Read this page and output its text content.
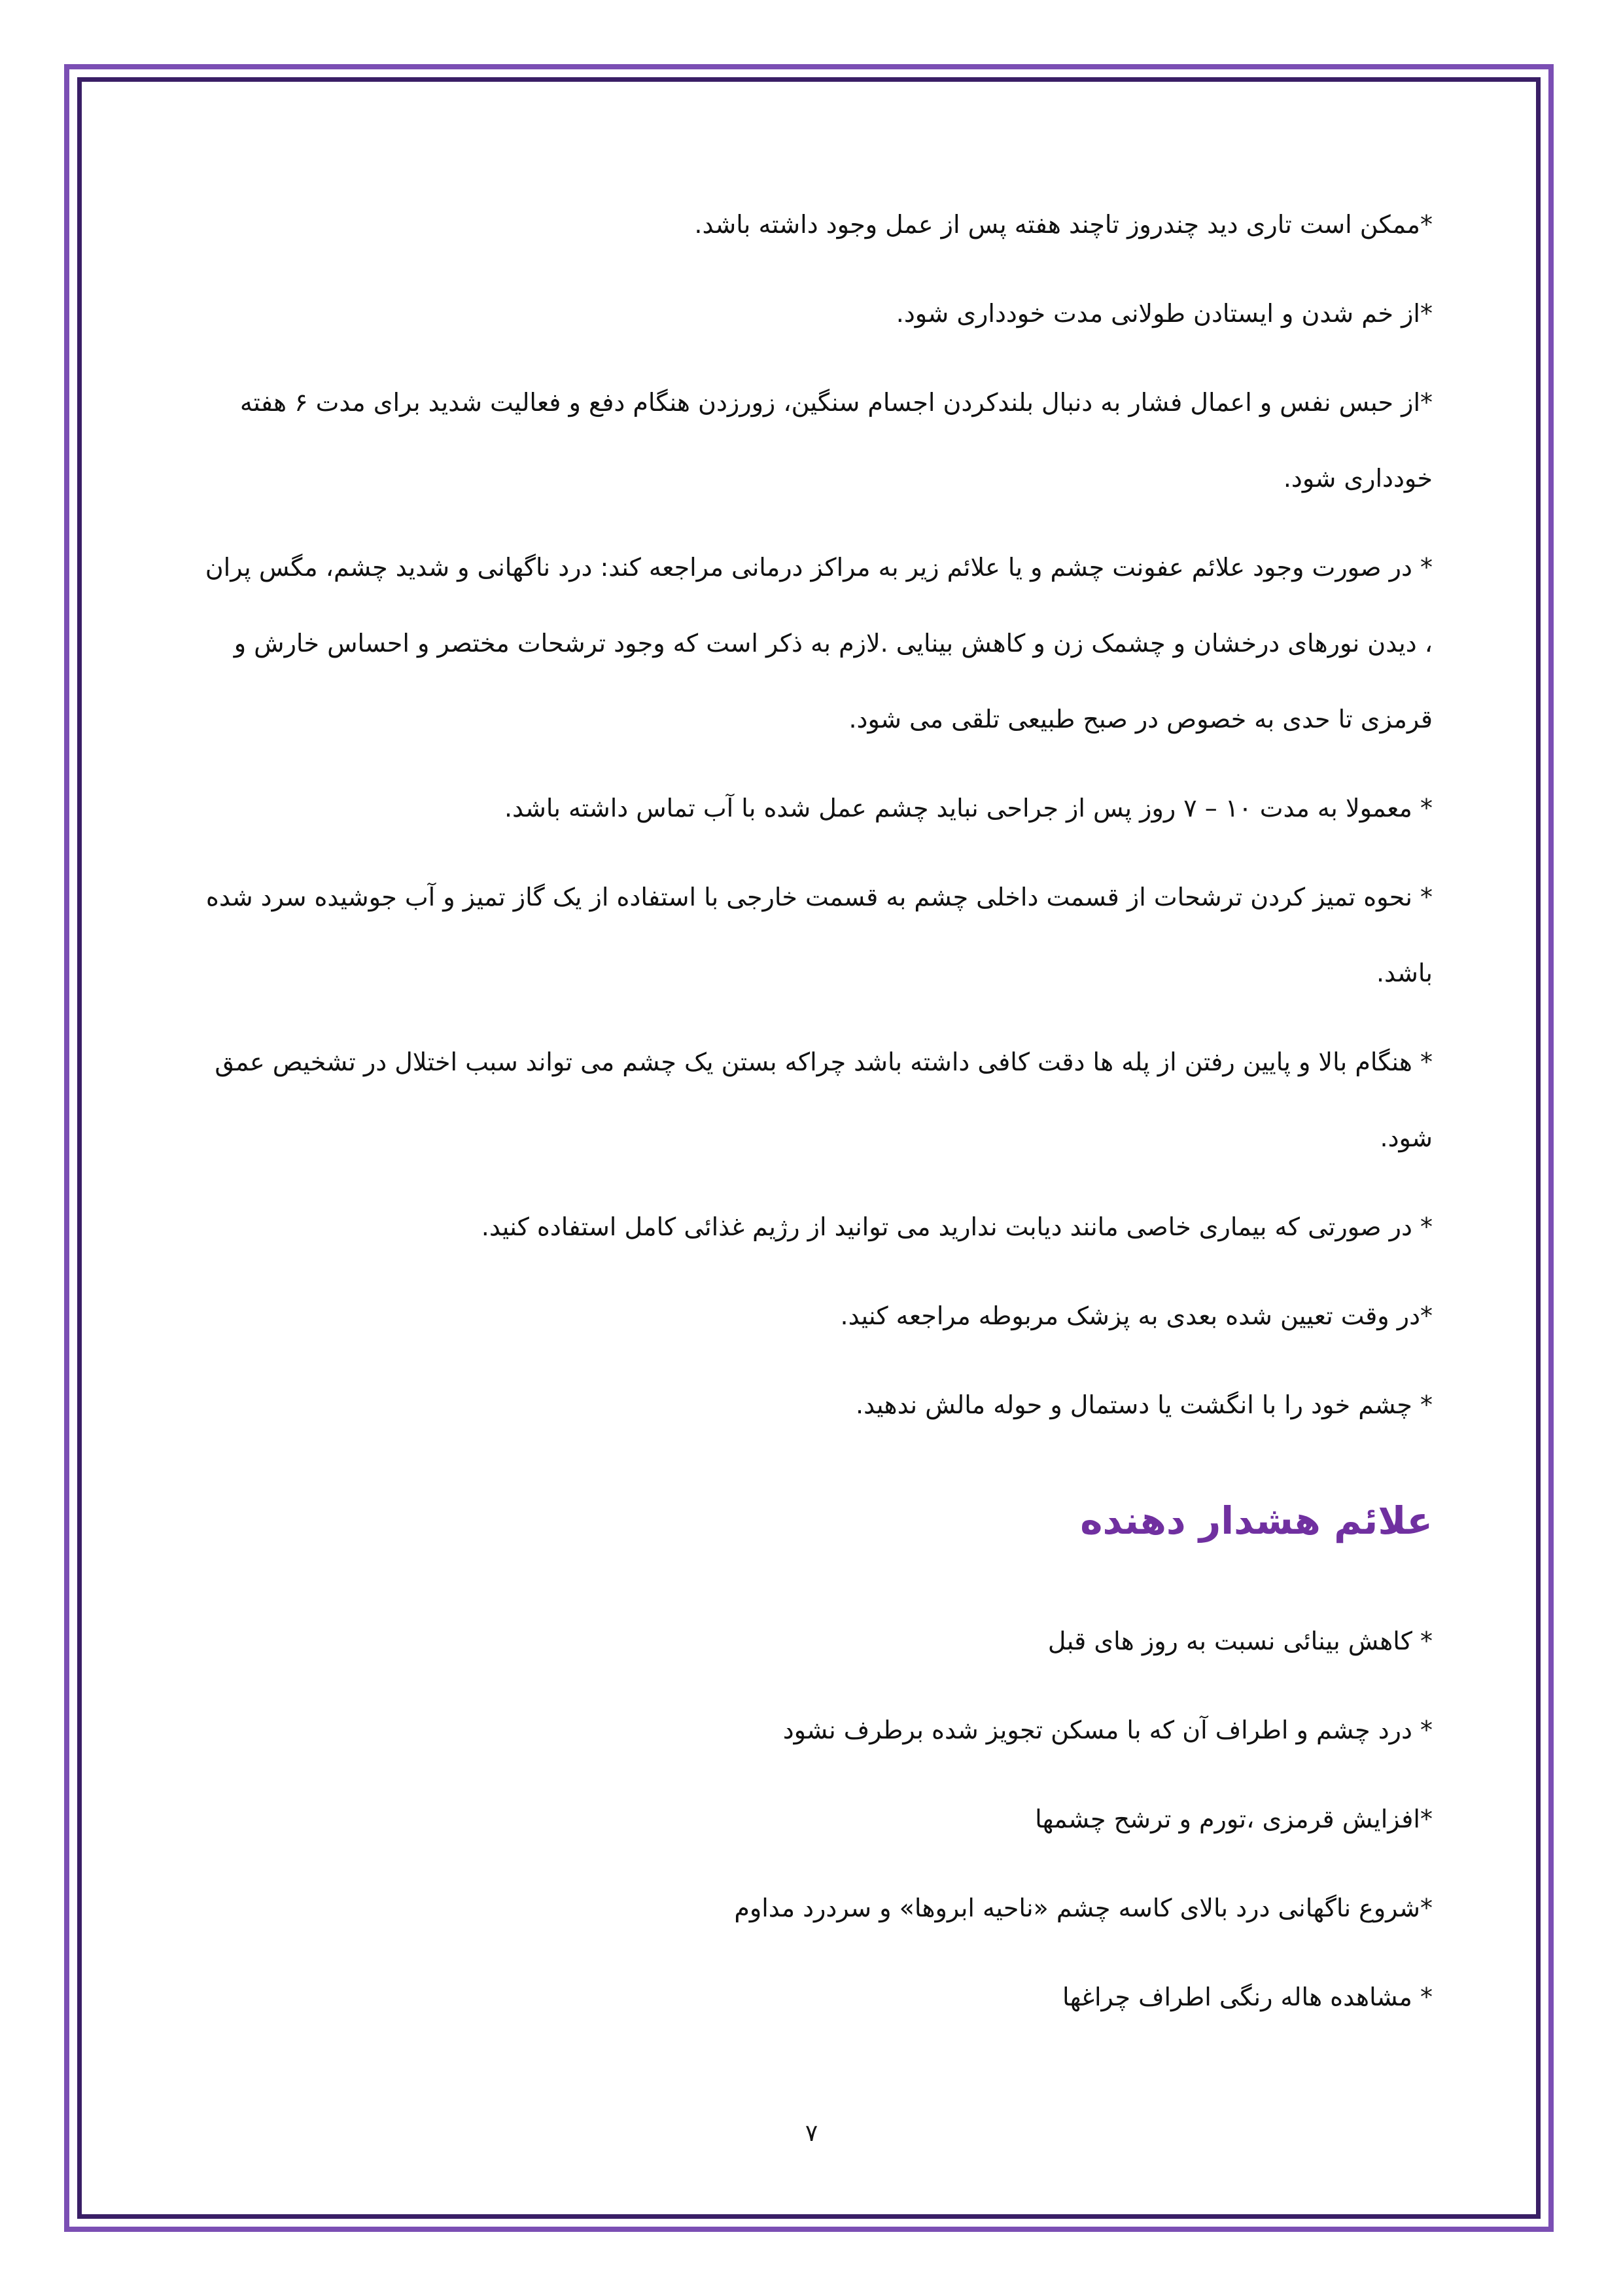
*ممکن است تاری دید چندروز تاچند هفته پس از عمل وجود داشته باشد.

*از خم شدن و ایستادن طولانی مدت خودداری شود.

*از حبس نفس و اعمال فشار به دنبال بلندکردن اجسام سنگین، زورزدن هنگام دفع و فعالیت شدید برای مدت ۶ هفته خودداری شود.

* در صورت وجود علائم عفونت چشم و یا علائم زیر به مراکز درمانی مراجعه کند: درد ناگهانی و شدید چشم، مگس پران ، دیدن نورهای درخشان و چشمک زن و کاهش بینایی .لازم به ذکر است که وجود ترشحات مختصر و احساس خارش و قرمزی تا حدی به خصوص در صبح طبیعی تلقی می شود.

* معمولا به مدت ۱۰ – ۷ روز پس از جراحی نباید چشم عمل شده با آب تماس داشته باشد.

* نحوه تمیز کردن ترشحات از قسمت داخلی چشم به قسمت خارجی با استفاده از یک گاز تمیز و آب جوشیده سرد شده باشد.

* هنگام بالا و پایین رفتن از پله ها دقت کافی داشته باشد چراکه بستن یک چشم می تواند سبب اختلال در تشخیص عمق شود.

* در صورتی که بیماری خاصی مانند دیابت ندارید می توانید از رژیم غذائی کامل استفاده کنید.

*در وقت تعیین شده بعدی به پزشک مربوطه مراجعه کنید.

* چشم خود را با انگشت یا دستمال و حوله مالش ندهید.

علائم هشدار دهنده

* کاهش بینائی نسبت به روز های قبل

* درد چشم و اطراف آن که با مسکن تجویز شده برطرف نشود

*افزایش قرمزی ،تورم و ترشح چشمها

*شروع ناگهانی درد بالای کاسه چشم «ناحیه ابروها» و سردرد مداوم

* مشاهده هاله رنگی اطراف چراغها

۷
